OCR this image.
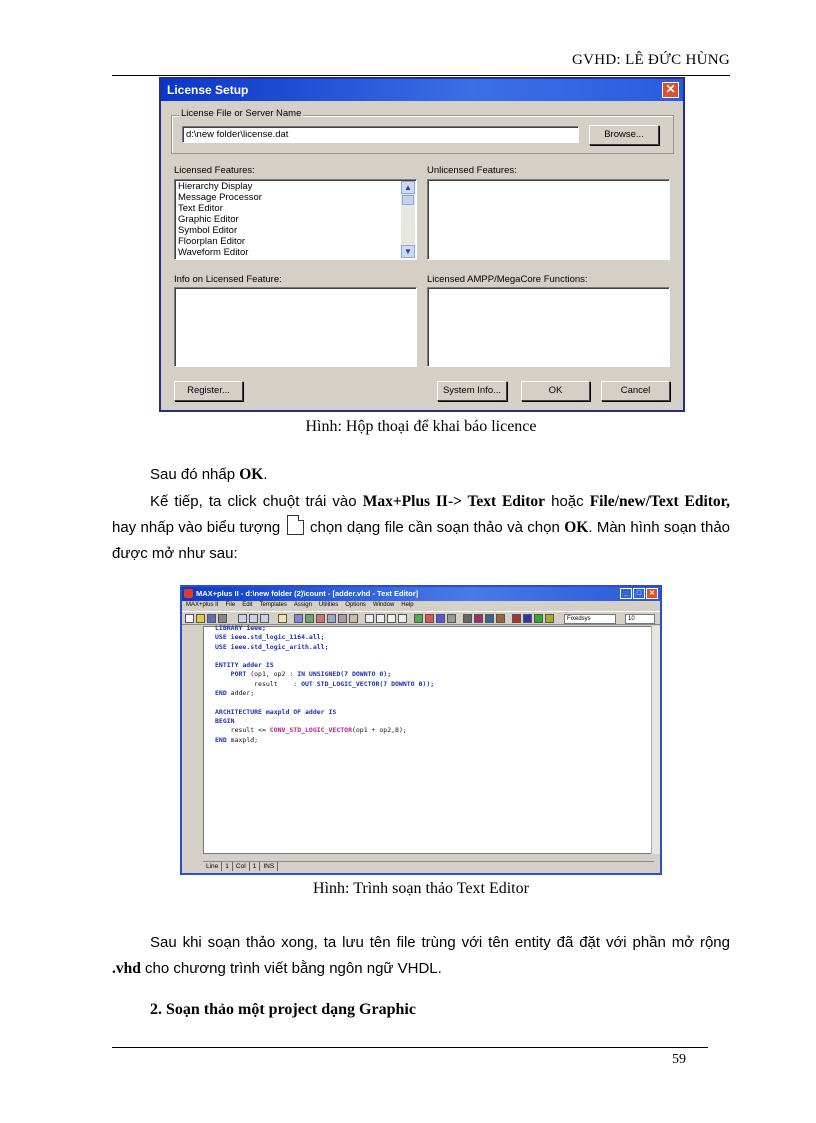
GVHD: LÊ ĐỨC HÙNG
License Setup	✕
License File or Server Name
d:\new folder\license.dat	Browse...
Licensed Features:
Hierarchy Display
Message Processor
Text Editor
Graphic Editor
Symbol Editor
Floorplan Editor
Waveform Editor
▲
▼
Unlicensed Features:
Info on Licensed Feature:	Licensed AMPP/MegaCore Functions:
Register...	System Info...	OK	Cancel
Hình: Hộp thoại để khai báo licence
Sau đó nhấp OK.
Kế tiếp, ta click chuột trái vào Max+Plus II-> Text Editor hoặc File/new/Text Editor, hay nhấp vào biểu tượng  chọn dạng file cần soạn thảo và chọn OK. Màn hình soạn thảo được mở như sau:
MAX+plus II - d:\new folder (2)\count - [adder.vhd - Text Editor]	_	□	✕
MAX+plus II File Edit Templates Assign Utilities Options Window Help
Fixedsys	10
LIBRARY ieee;
USE ieee.std_logic_1164.all;
USE ieee.std_logic_arith.all;
ENTITY adder IS
PORT (op1, op2 : IN UNSIGNED(7 DOWNTO 0);
result    : OUT STD_LOGIC_VECTOR(7 DOWNTO 0));
END adder;
ARCHITECTURE maxpld OF adder IS
BEGIN
result <= CONV_STD_LOGIC_VECTOR(op1 + op2,8);
END maxpld;
Line 1 Col 1 INS
Hình: Trình soạn thảo Text Editor
Sau khi soạn thảo xong, ta lưu tên file trùng với tên entity đã đặt với phần mở rộng .vhd cho chương trình viết bằng ngôn ngữ VHDL.
2. Soạn thảo một project dạng Graphic
59
